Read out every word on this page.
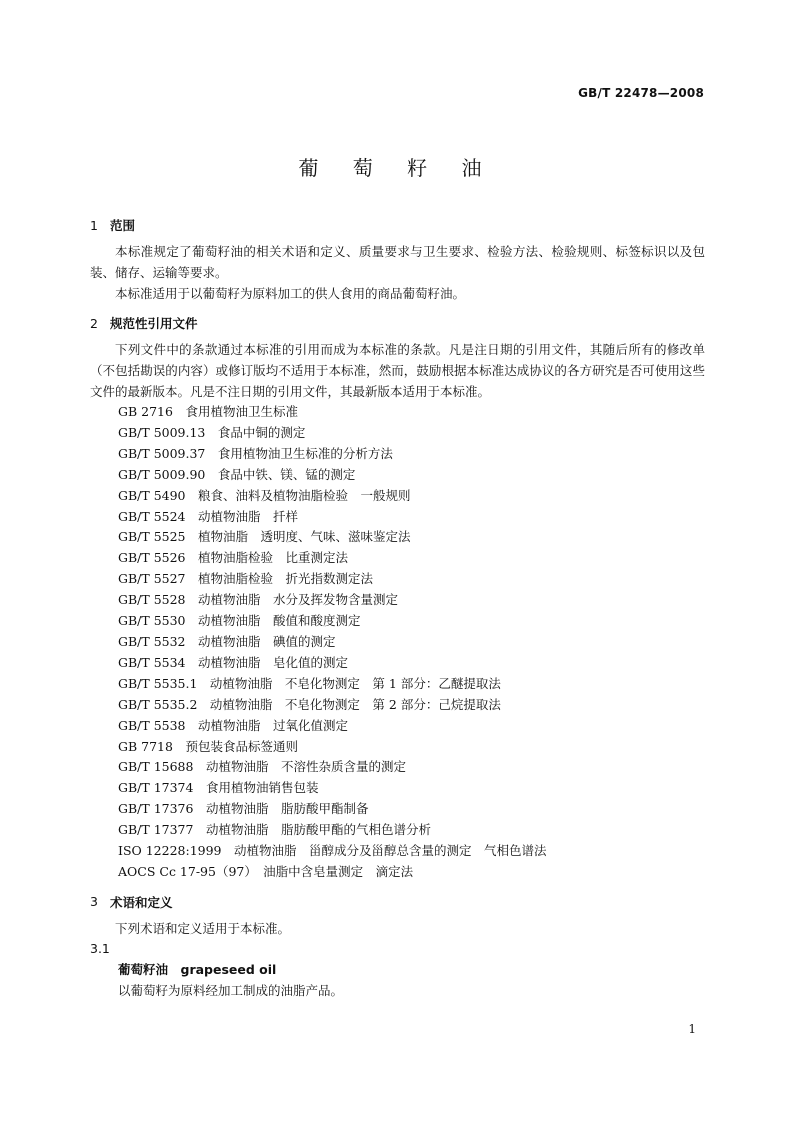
GB/T 22478—2008
葡 萄 籽 油
1 范围

本标准规定了葡萄籽油的相关术语和定义、质量要求与卫生要求、检验方法、检验规则、标签标识以及包装、储存、运输等要求。

本标准适用于以葡萄籽为原料加工的供人食用的商品葡萄籽油。

2 规范性引用文件

下列文件中的条款通过本标准的引用而成为本标准的条款。凡是注日期的引用文件，其随后所有的修改单（不包括勘误的内容）或修订版均不适用于本标准，然而，鼓励根据本标准达成协议的各方研究是否可使用这些文件的最新版本。凡是不注日期的引用文件，其最新版本适用于本标准。

GB 2716　食用植物油卫生标准
GB/T 5009.13　食品中铜的测定
GB/T 5009.37　食用植物油卫生标准的分析方法
GB/T 5009.90　食品中铁、镁、锰的测定
GB/T 5490　粮食、油料及植物油脂检验　一般规则
GB/T 5524　动植物油脂　扦样
GB/T 5525　植物油脂　透明度、气味、滋味鉴定法
GB/T 5526　植物油脂检验　比重测定法
GB/T 5527　植物油脂检验　折光指数测定法
GB/T 5528　动植物油脂　水分及挥发物含量测定
GB/T 5530　动植物油脂　酸值和酸度测定
GB/T 5532　动植物油脂　碘值的测定
GB/T 5534　动植物油脂　皂化值的测定
GB/T 5535.1　动植物油脂　不皂化物测定　第 1 部分：乙醚提取法
GB/T 5535.2　动植物油脂　不皂化物测定　第 2 部分：己烷提取法
GB/T 5538　动植物油脂　过氧化值测定
GB 7718　预包装食品标签通则
GB/T 15688　动植物油脂　不溶性杂质含量的测定
GB/T 17374　食用植物油销售包装
GB/T 17376　动植物油脂　脂肪酸甲酯制备
GB/T 17377　动植物油脂　脂肪酸甲酯的气相色谱分析
ISO 12228:1999　动植物油脂　甾醇成分及甾醇总含量的测定　气相色谱法
AOCS Cc 17-95（97）　油脂中含皂量测定　滴定法
3 术语和定义

下列术语和定义适用于本标准。

3.1
葡萄籽油　grapeseed oil
以葡萄籽为原料经加工制成的油脂产品。
1
